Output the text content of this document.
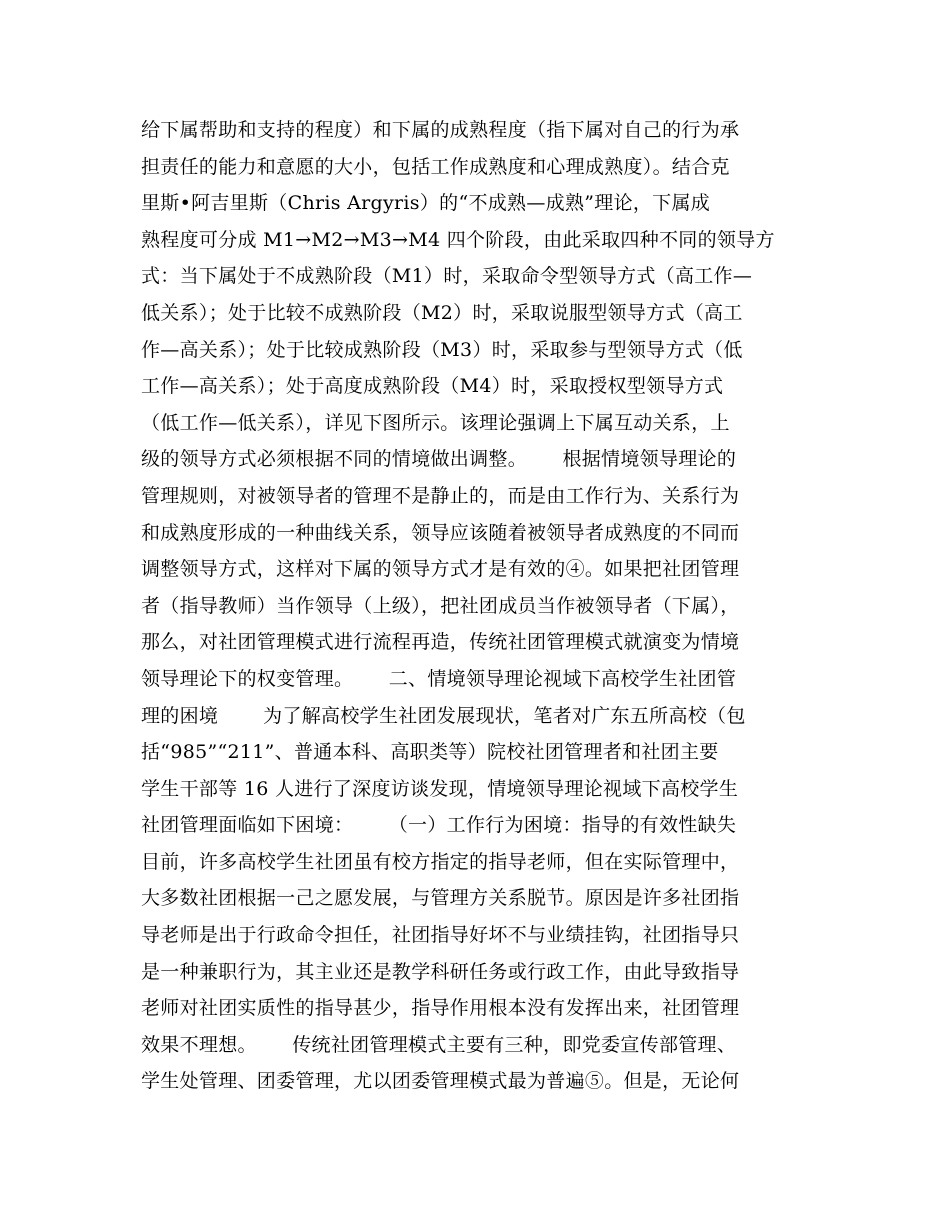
给下属帮助和支持的程度）和下属的成熟程度（指下属对自己的行为承
担责任的能力和意愿的大小，包括工作成熟度和心理成熟度）。结合克
里斯•阿吉里斯（Chris Argyris）的“不成熟—成熟”理论，下属成
熟程度可分成 M1→M2→M3→M4 四个阶段，由此采取四种不同的领导方
式：当下属处于不成熟阶段（M1）时，采取命令型领导方式（高工作—
低关系）；处于比较不成熟阶段（M2）时，采取说服型领导方式（高工
作—高关系）；处于比较成熟阶段（M3）时，采取参与型领导方式（低
工作—高关系）；处于高度成熟阶段（M4）时，采取授权型领导方式
（低工作—低关系），详见下图所示。该理论强调上下属互动关系，上
级的领导方式必须根据不同的情境做出调整。　　 根据情境领导理论的
管理规则，对被领导者的管理不是静止的，而是由工作行为、关系行为
和成熟度形成的一种曲线关系，领导应该随着被领导者成熟度的不同而
调整领导方式，这样对下属的领导方式才是有效的④。如果把社团管理
者（指导教师）当作领导（上级），把社团成员当作被领导者（下属），
那么，对社团管理模式进行流程再造，传统社团管理模式就演变为情境
领导理论下的权变管理。　　 二、情境领导理论视域下高校学生社团管
理的困境　　 为了解高校学生社团发展现状，笔者对广东五所高校（包
括“985”“211”、普通本科、高职类等）院校社团管理者和社团主要
学生干部等 16 人进行了深度访谈发现，情境领导理论视域下高校学生
社团管理面临如下困境：　　 （一）工作行为困境：指导的有效性缺失
目前，许多高校学生社团虽有校方指定的指导老师，但在实际管理中，
大多数社团根据一己之愿发展，与管理方关系脱节。原因是许多社团指
导老师是出于行政命令担任，社团指导好坏不与业绩挂钩，社团指导只
是一种兼职行为，其主业还是教学科研任务或行政工作，由此导致指导
老师对社团实质性的指导甚少，指导作用根本没有发挥出来，社团管理
效果不理想。　　 传统社团管理模式主要有三种，即党委宣传部管理、
学生处管理、团委管理，尤以团委管理模式最为普遍⑤。但是，无论何
